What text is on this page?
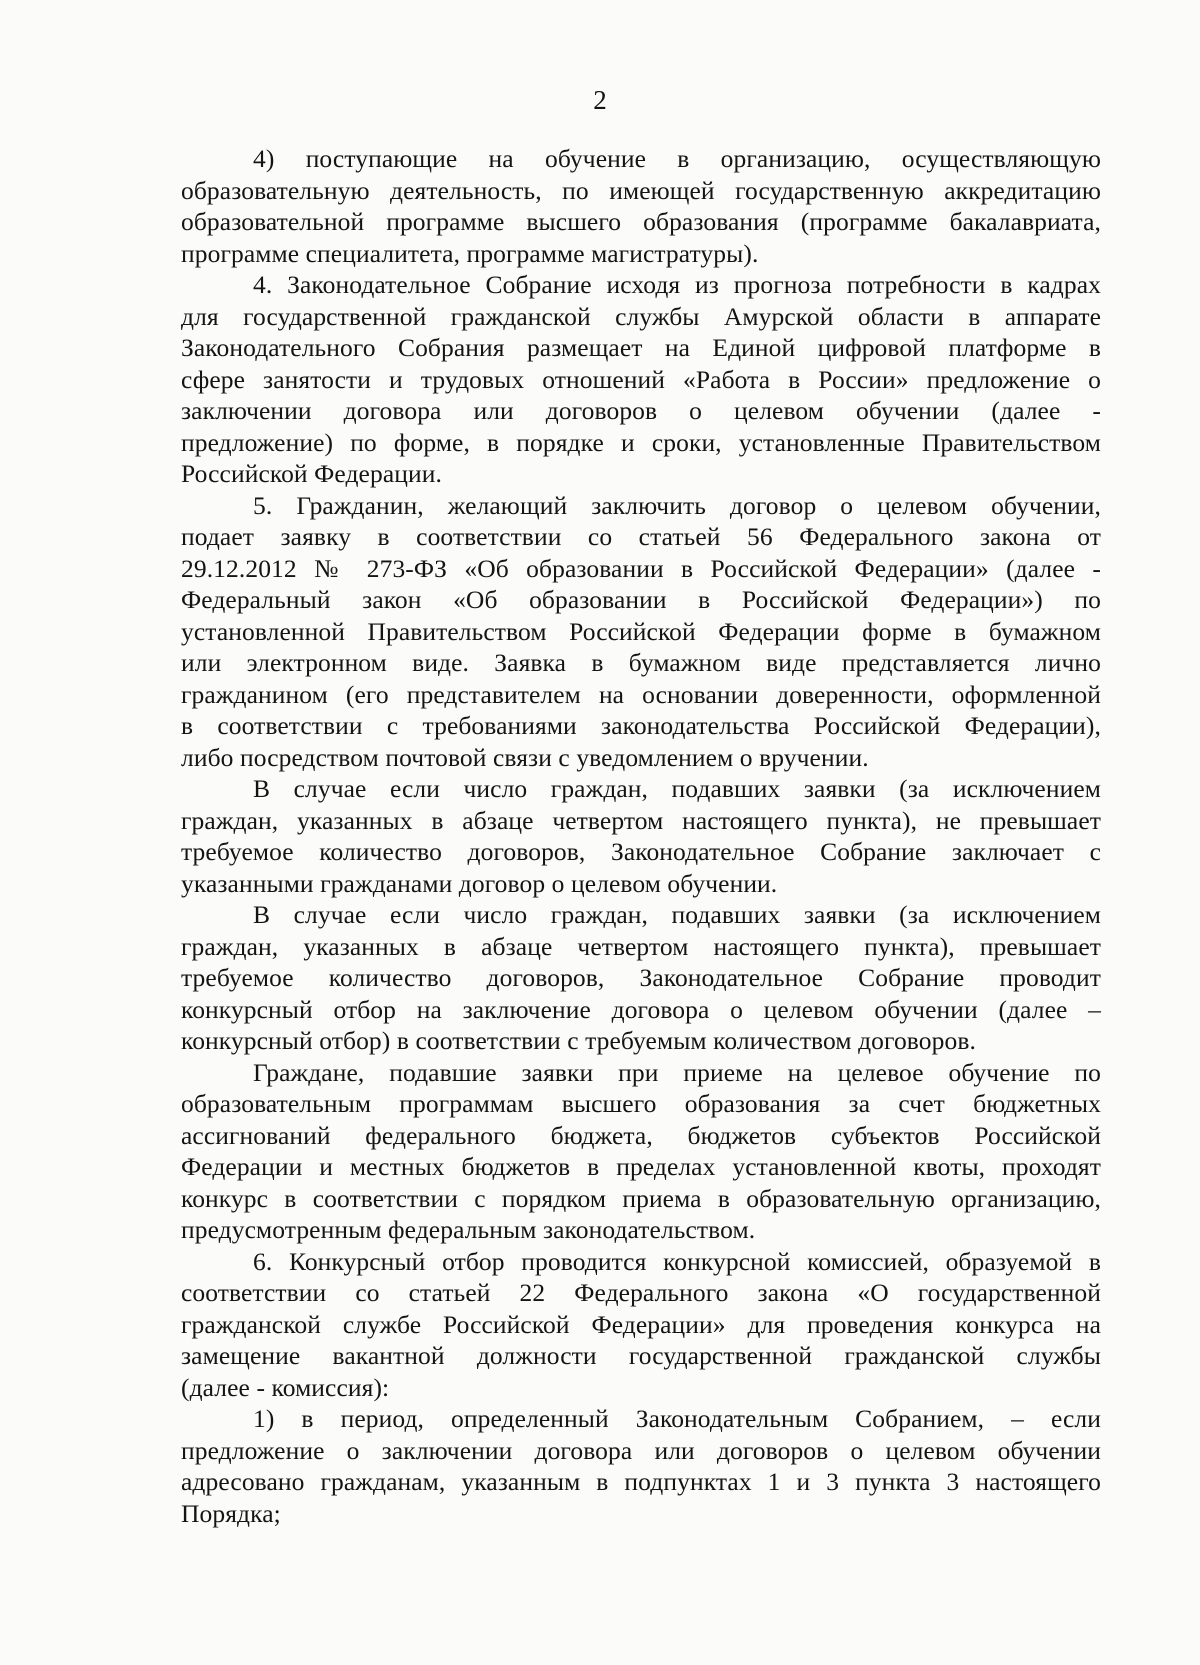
2
4) поступающие на обучение в организацию, осуществляющую
образовательную деятельность, по имеющей государственную аккредитацию
образовательной программе высшего образования (программе бакалавриата,
программе специалитета, программе магистратуры).
4. Законодательное Собрание исходя из прогноза потребности в кадрах
для государственной гражданской службы Амурской области в аппарате
Законодательного Собрания размещает на Единой цифровой платформе в
сфере занятости и трудовых отношений «Работа в России» предложение о
заключении договора или договоров о целевом обучении (далее -
предложение) по форме, в порядке и сроки, установленные Правительством
Российской Федерации.
5. Гражданин, желающий заключить договор о целевом обучении,
подает заявку в соответствии со статьей 56 Федерального закона от
29.12.2012 № 273-ФЗ «Об образовании в Российской Федерации» (далее -
Федеральный закон «Об образовании в Российской Федерации») по
установленной Правительством Российской Федерации форме в бумажном
или электронном виде. Заявка в бумажном виде представляется лично
гражданином (его представителем на основании доверенности, оформленной
в соответствии с требованиями законодательства Российской Федерации),
либо посредством почтовой связи с уведомлением о вручении.
В случае если число граждан, подавших заявки (за исключением
граждан, указанных в абзаце четвертом настоящего пункта), не превышает
требуемое количество договоров, Законодательное Собрание заключает с
указанными гражданами договор о целевом обучении.
В случае если число граждан, подавших заявки (за исключением
граждан, указанных в абзаце четвертом настоящего пункта), превышает
требуемое количество договоров, Законодательное Собрание проводит
конкурсный отбор на заключение договора о целевом обучении (далее –
конкурсный отбор) в соответствии с требуемым количеством договоров.
Граждане, подавшие заявки при приеме на целевое обучение по
образовательным программам высшего образования за счет бюджетных
ассигнований федерального бюджета, бюджетов субъектов Российской
Федерации и местных бюджетов в пределах установленной квоты, проходят
конкурс в соответствии с порядком приема в образовательную организацию,
предусмотренным федеральным законодательством.
6. Конкурсный отбор проводится конкурсной комиссией, образуемой в
соответствии со статьей 22 Федерального закона «О государственной
гражданской службе Российской Федерации» для проведения конкурса на
замещение вакантной должности государственной гражданской службы
(далее - комиссия):
1) в период, определенный Законодательным Собранием, – если
предложение о заключении договора или договоров о целевом обучении
адресовано гражданам, указанным в подпунктах 1 и 3 пункта 3 настоящего
Порядка;
